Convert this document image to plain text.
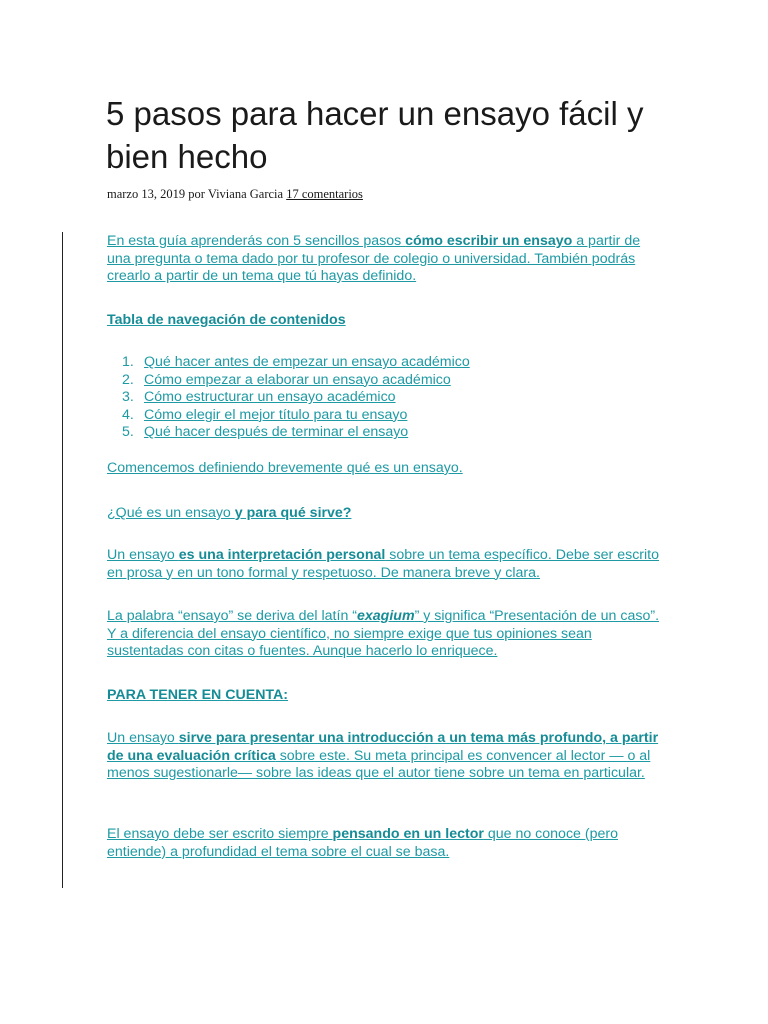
5 pasos para hacer un ensayo fácil y bien hecho
marzo 13, 2019 por Viviana Garcia 17 comentarios

En esta guía aprenderás con 5 sencillos pasos cómo escribir un ensayo a partir de una pregunta o tema dado por tu profesor de colegio o universidad. También podrás crearlo a partir de un tema que tú hayas definido.

Tabla de navegación de contenidos

1. Qué hacer antes de empezar un ensayo académico
2. Cómo empezar a elaborar un ensayo académico
3. Cómo estructurar un ensayo académico
4. Cómo elegir el mejor título para tu ensayo
5. Qué hacer después de terminar el ensayo

Comencemos definiendo brevemente qué es un ensayo.

¿Qué es un ensayo y para qué sirve?

Un ensayo es una interpretación personal sobre un tema específico. Debe ser escrito en prosa y en un tono formal y respetuoso. De manera breve y clara.

La palabra “ensayo” se deriva del latín “exagium” y significa “Presentación de un caso”. Y a diferencia del ensayo científico, no siempre exige que tus opiniones sean sustentadas con citas o fuentes. Aunque hacerlo lo enriquece.

PARA TENER EN CUENTA:

Un ensayo sirve para presentar una introducción a un tema más profundo, a partir de una evaluación crítica sobre este. Su meta principal es convencer al lector — o al menos sugestionarle— sobre las ideas que el autor tiene sobre un tema en particular.

El ensayo debe ser escrito siempre pensando en un lector que no conoce (pero entiende) a profundidad el tema sobre el cual se basa.
